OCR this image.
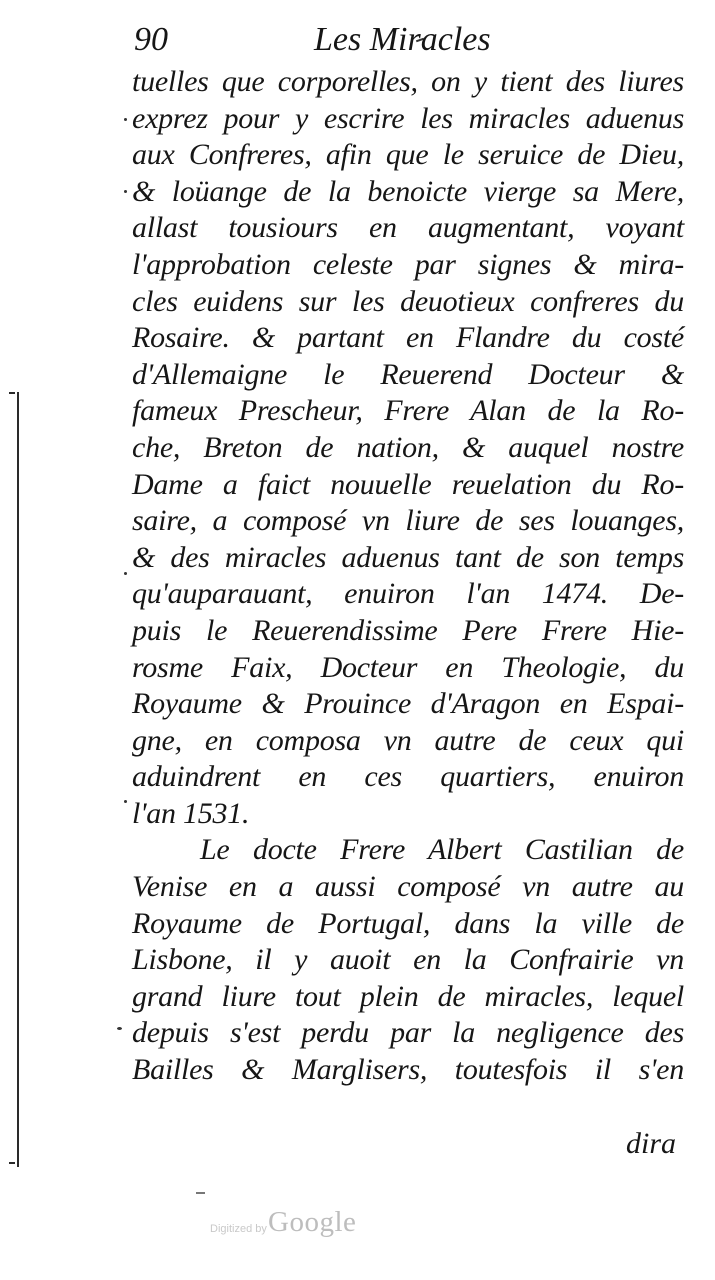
90	Les Miracles
tuelles que corporelles, on y tient des liures
exprez pour y escrire les miracles aduenus
aux Confreres, afin que le seruice de Dieu,
& loüange de la benoicte vierge sa Mere,
allast tousiours en augmentant, voyant
l'approbation celeste par signes & mira-
cles euidens sur les deuotieux confreres du
Rosaire. & partant en Flandre du costé
d'Allemaigne le Reuerend Docteur &
fameux Prescheur, Frere Alan de la Ro-
che, Breton de nation, & auquel nostre
Dame a faict nouuelle reuelation du Ro-
saire, a composé vn liure de ses louanges,
& des miracles aduenus tant de son temps
qu'auparauant, enuiron l'an 1474. De-
puis le Reuerendissime Pere Frere Hie-
rosme Faix, Docteur en Theologie, du
Royaume & Prouince d'Aragon en Espai-
gne, en composa vn autre de ceux qui
aduindrent en ces quartiers, enuiron
l'an 1531.
Le docte Frere Albert Castilian de
Venise en a aussi composé vn autre au
Royaume de Portugal, dans la ville de
Lisbone, il y auoit en la Confrairie vn
grand liure tout plein de miracles, lequel
depuis s'est perdu par la negligence des
Bailles & Marglisers, toutesfois il s'en
dira
Digitized by Google
